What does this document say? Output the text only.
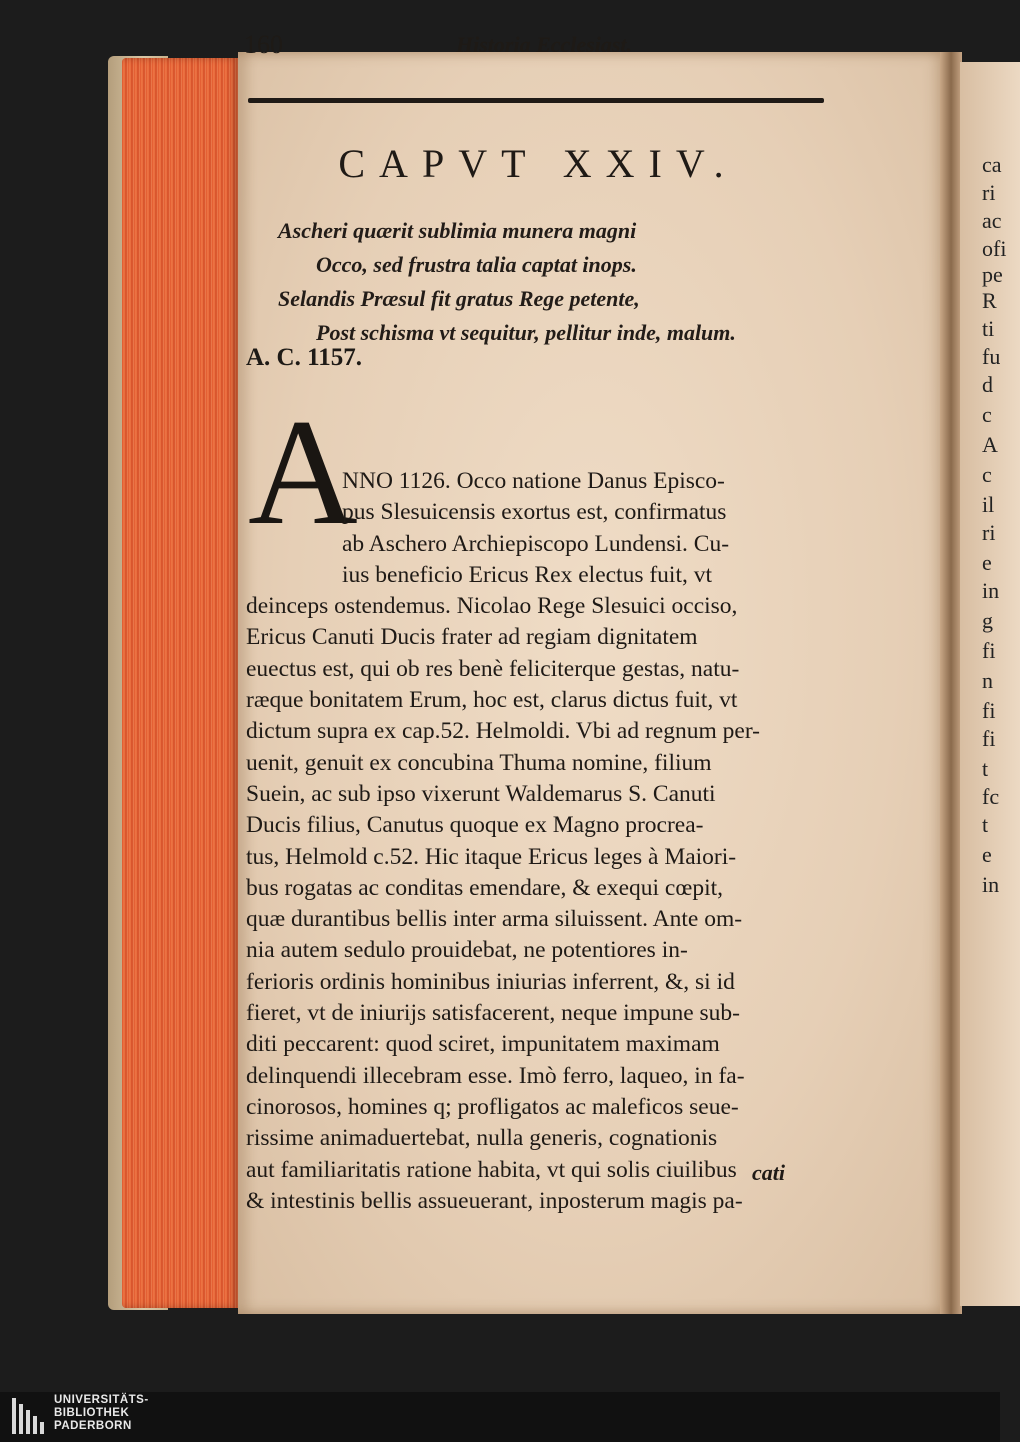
ca
ri
ac
ofi
pe
R
ti
fu
d
c
A
c
il
ri
e
in
g
fi
n
fi
fi
t
fc
t
e
in
160	Historia Ecclesiast.
CAPVT XXIV.
Ascheri quærit sublimia munera magni
Occo, sed frustra talia captat inops.
Selandis Præsul fit gratus Rege petente,
Post schisma vt sequitur, pellitur inde, malum.
A. C. 1157.
A
NNO 1126. Occo natione Danus Episco-
pus Slesuicensis exortus est, confirmatus
ab Aschero Archiepiscopo Lundensi. Cu-
ius beneficio Ericus Rex electus fuit, vt
deinceps ostendemus. Nicolao Rege Slesuici occiso,
Ericus Canuti Ducis frater ad regiam dignitatem
euectus est, qui ob res benè feliciterque gestas, natu-
ræque bonitatem Erum, hoc est, clarus dictus fuit, vt
dictum supra ex cap.52. Helmoldi. Vbi ad regnum per-
uenit, genuit ex concubina Thuma nomine, filium
Suein, ac sub ipso vixerunt Waldemarus S. Canuti
Ducis filius, Canutus quoque ex Magno procrea-
tus, Helmold c.52. Hic itaque Ericus leges à Maiori-
bus rogatas ac conditas emendare, & exequi cœpit,
quæ durantibus bellis inter arma siluissent. Ante om-
nia autem sedulo prouidebat, ne potentiores in-
ferioris ordinis hominibus iniurias inferrent, &, si id
fieret, vt de iniurijs satisfacerent, neque impune sub-
diti peccarent: quod sciret, impunitatem maximam
delinquendi illecebram esse. Imò ferro, laqueo, in fa-
cinorosos, homines q; profligatos ac maleficos seue-
rissime animaduertebat, nulla generis, cognationis
aut familiaritatis ratione habita, vt qui solis ciuilibus
& intestinis bellis assueuerant, inposterum magis pa-
cati
UNIVERSITÄTS-
BIBLIOTHEK
PADERBORN
